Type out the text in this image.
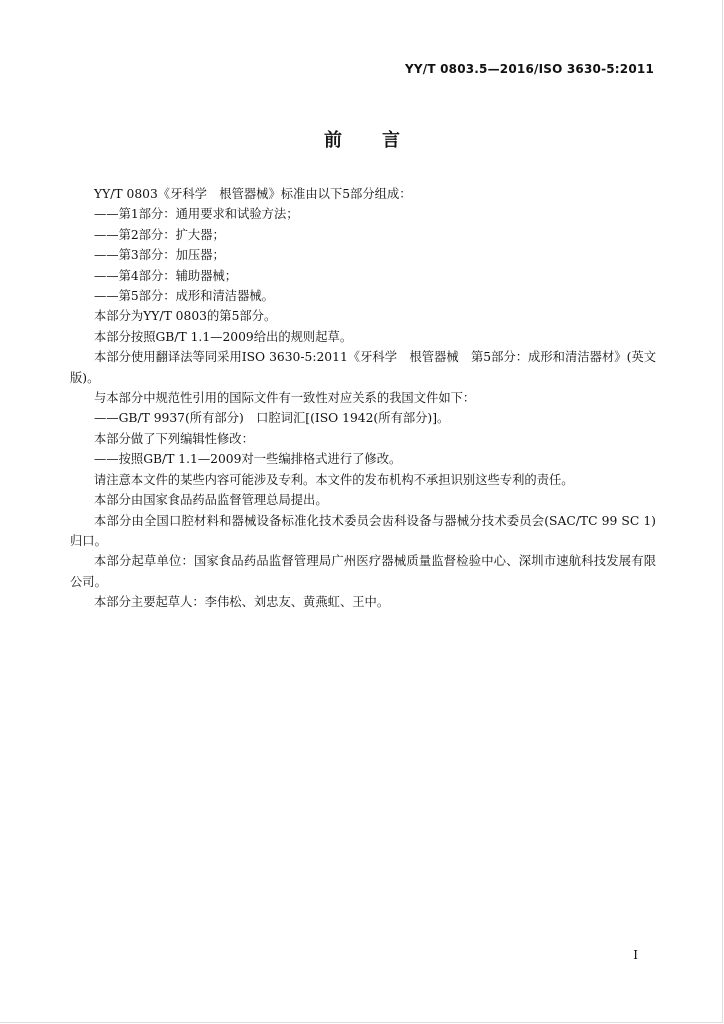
YY/T 0803.5—2016/ISO 3630-5:2011
前言

YY/T 0803《牙科学　根管器械》标准由以下5部分组成：

——第1部分：通用要求和试验方法；

——第2部分：扩大器；

——第3部分：加压器；

——第4部分：辅助器械；

——第5部分：成形和清洁器械。

本部分为YY/T 0803的第5部分。

本部分按照GB/T 1.1—2009给出的规则起草。

本部分使用翻译法等同采用ISO 3630-5:2011《牙科学　根管器械　第5部分：成形和清洁器材》(英文版)。

与本部分中规范性引用的国际文件有一致性对应关系的我国文件如下：

——GB/T 9937(所有部分)　口腔词汇[(ISO 1942(所有部分)]。

本部分做了下列编辑性修改：

——按照GB/T 1.1—2009对一些编排格式进行了修改。

请注意本文件的某些内容可能涉及专利。本文件的发布机构不承担识别这些专利的责任。

本部分由国家食品药品监督管理总局提出。

本部分由全国口腔材料和器械设备标准化技术委员会齿科设备与器械分技术委员会(SAC/TC 99 SC 1)归口。

本部分起草单位：国家食品药品监督管理局广州医疗器械质量监督检验中心、深圳市速航科技发展有限公司。

本部分主要起草人：李伟松、刘忠友、黄燕虹、王中。

I
